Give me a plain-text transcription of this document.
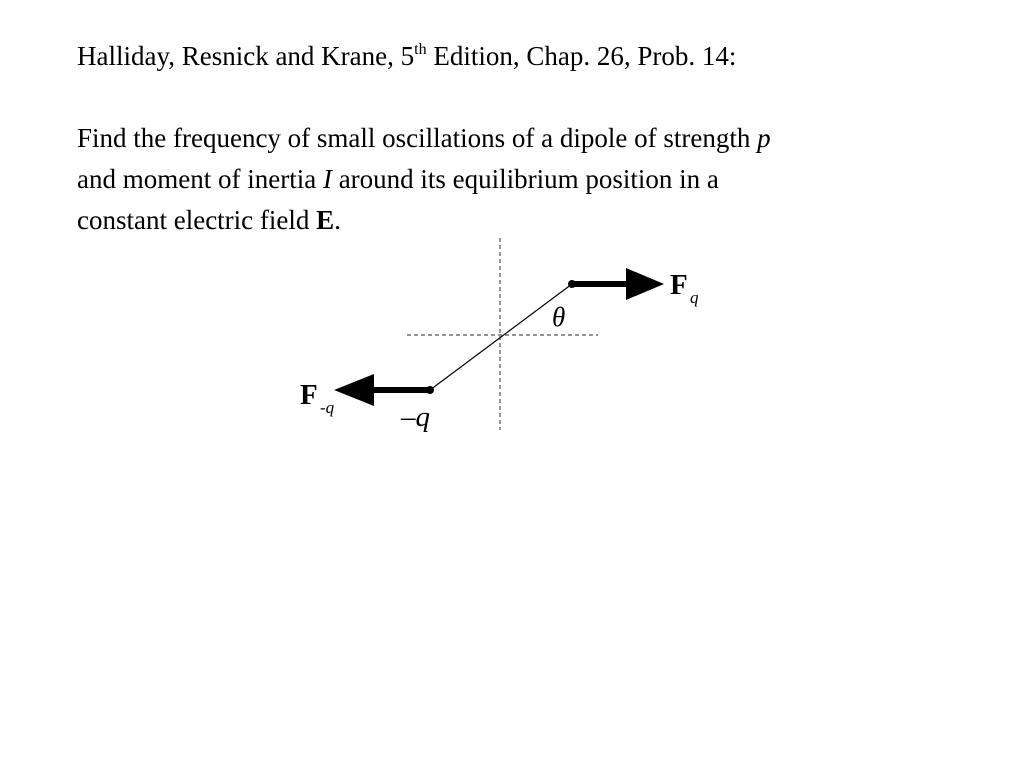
Halliday, Resnick and Krane, 5th Edition, Chap. 26, Prob. 14:
Find the frequency of small oscillations of a dipole of strength p
and moment of inertia I around its equilibrium position in a
constant electric field E.
θ
F q
F -q –q
